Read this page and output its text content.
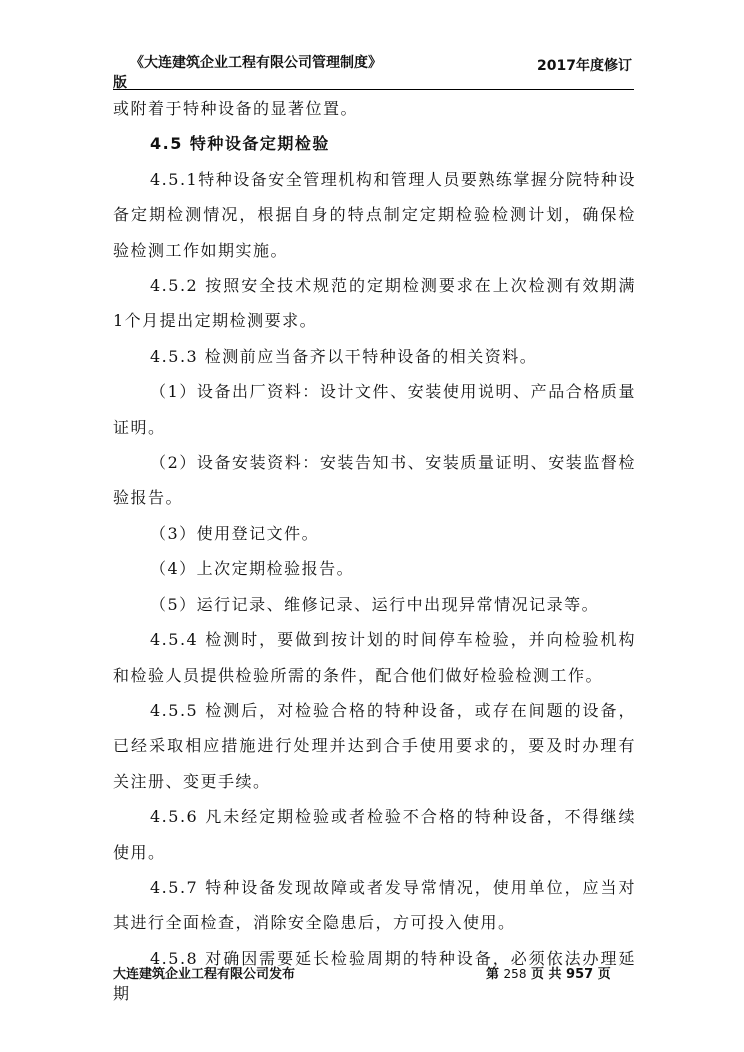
《大连建筑企业工程有限公司管理制度》	2017年度修订
版

或附着于特种设备的显著位置。

4.5 特种设备定期检验

4.5.1特种设备安全管理机构和管理人员要熟练掌握分院特种设备定期检测情况，根据自身的特点制定定期检验检测计划，确保检验检测工作如期实施。

4.5.2 按照安全技术规范的定期检测要求在上次检测有效期满1个月提出定期检测要求。

4.5.3 检测前应当备齐以干特种设备的相关资料。

（1）设备出厂资料：设计文件、安装使用说明、产品合格质量证明。

（2）设备安装资料：安装告知书、安装质量证明、安装监督检验报告。

（3）使用登记文件。

（4）上次定期检验报告。

（5）运行记录、维修记录、运行中出现异常情况记录等。

4.5.4 检测时，要做到按计划的时间停车检验，并向检验机构和检验人员提供检验所需的条件，配合他们做好检验检测工作。

4.5.5 检测后，对检验合格的特种设备，或存在间题的设备，已经采取相应措施进行处理并达到合手使用要求的，要及时办理有关注册、变更手续。

4.5.6 凡未经定期检验或者检验不合格的特种设备，不得继续使用。

4.5.7 特种设备发现故障或者发导常情况，使用单位，应当对其进行全面检查，消除安全隐患后，方可投入使用。

4.5.8 对确因需要延长检验周期的特种设备，必须依法办理延期

大连建筑企业工程有限公司发布	第 258 页 共 957 页
